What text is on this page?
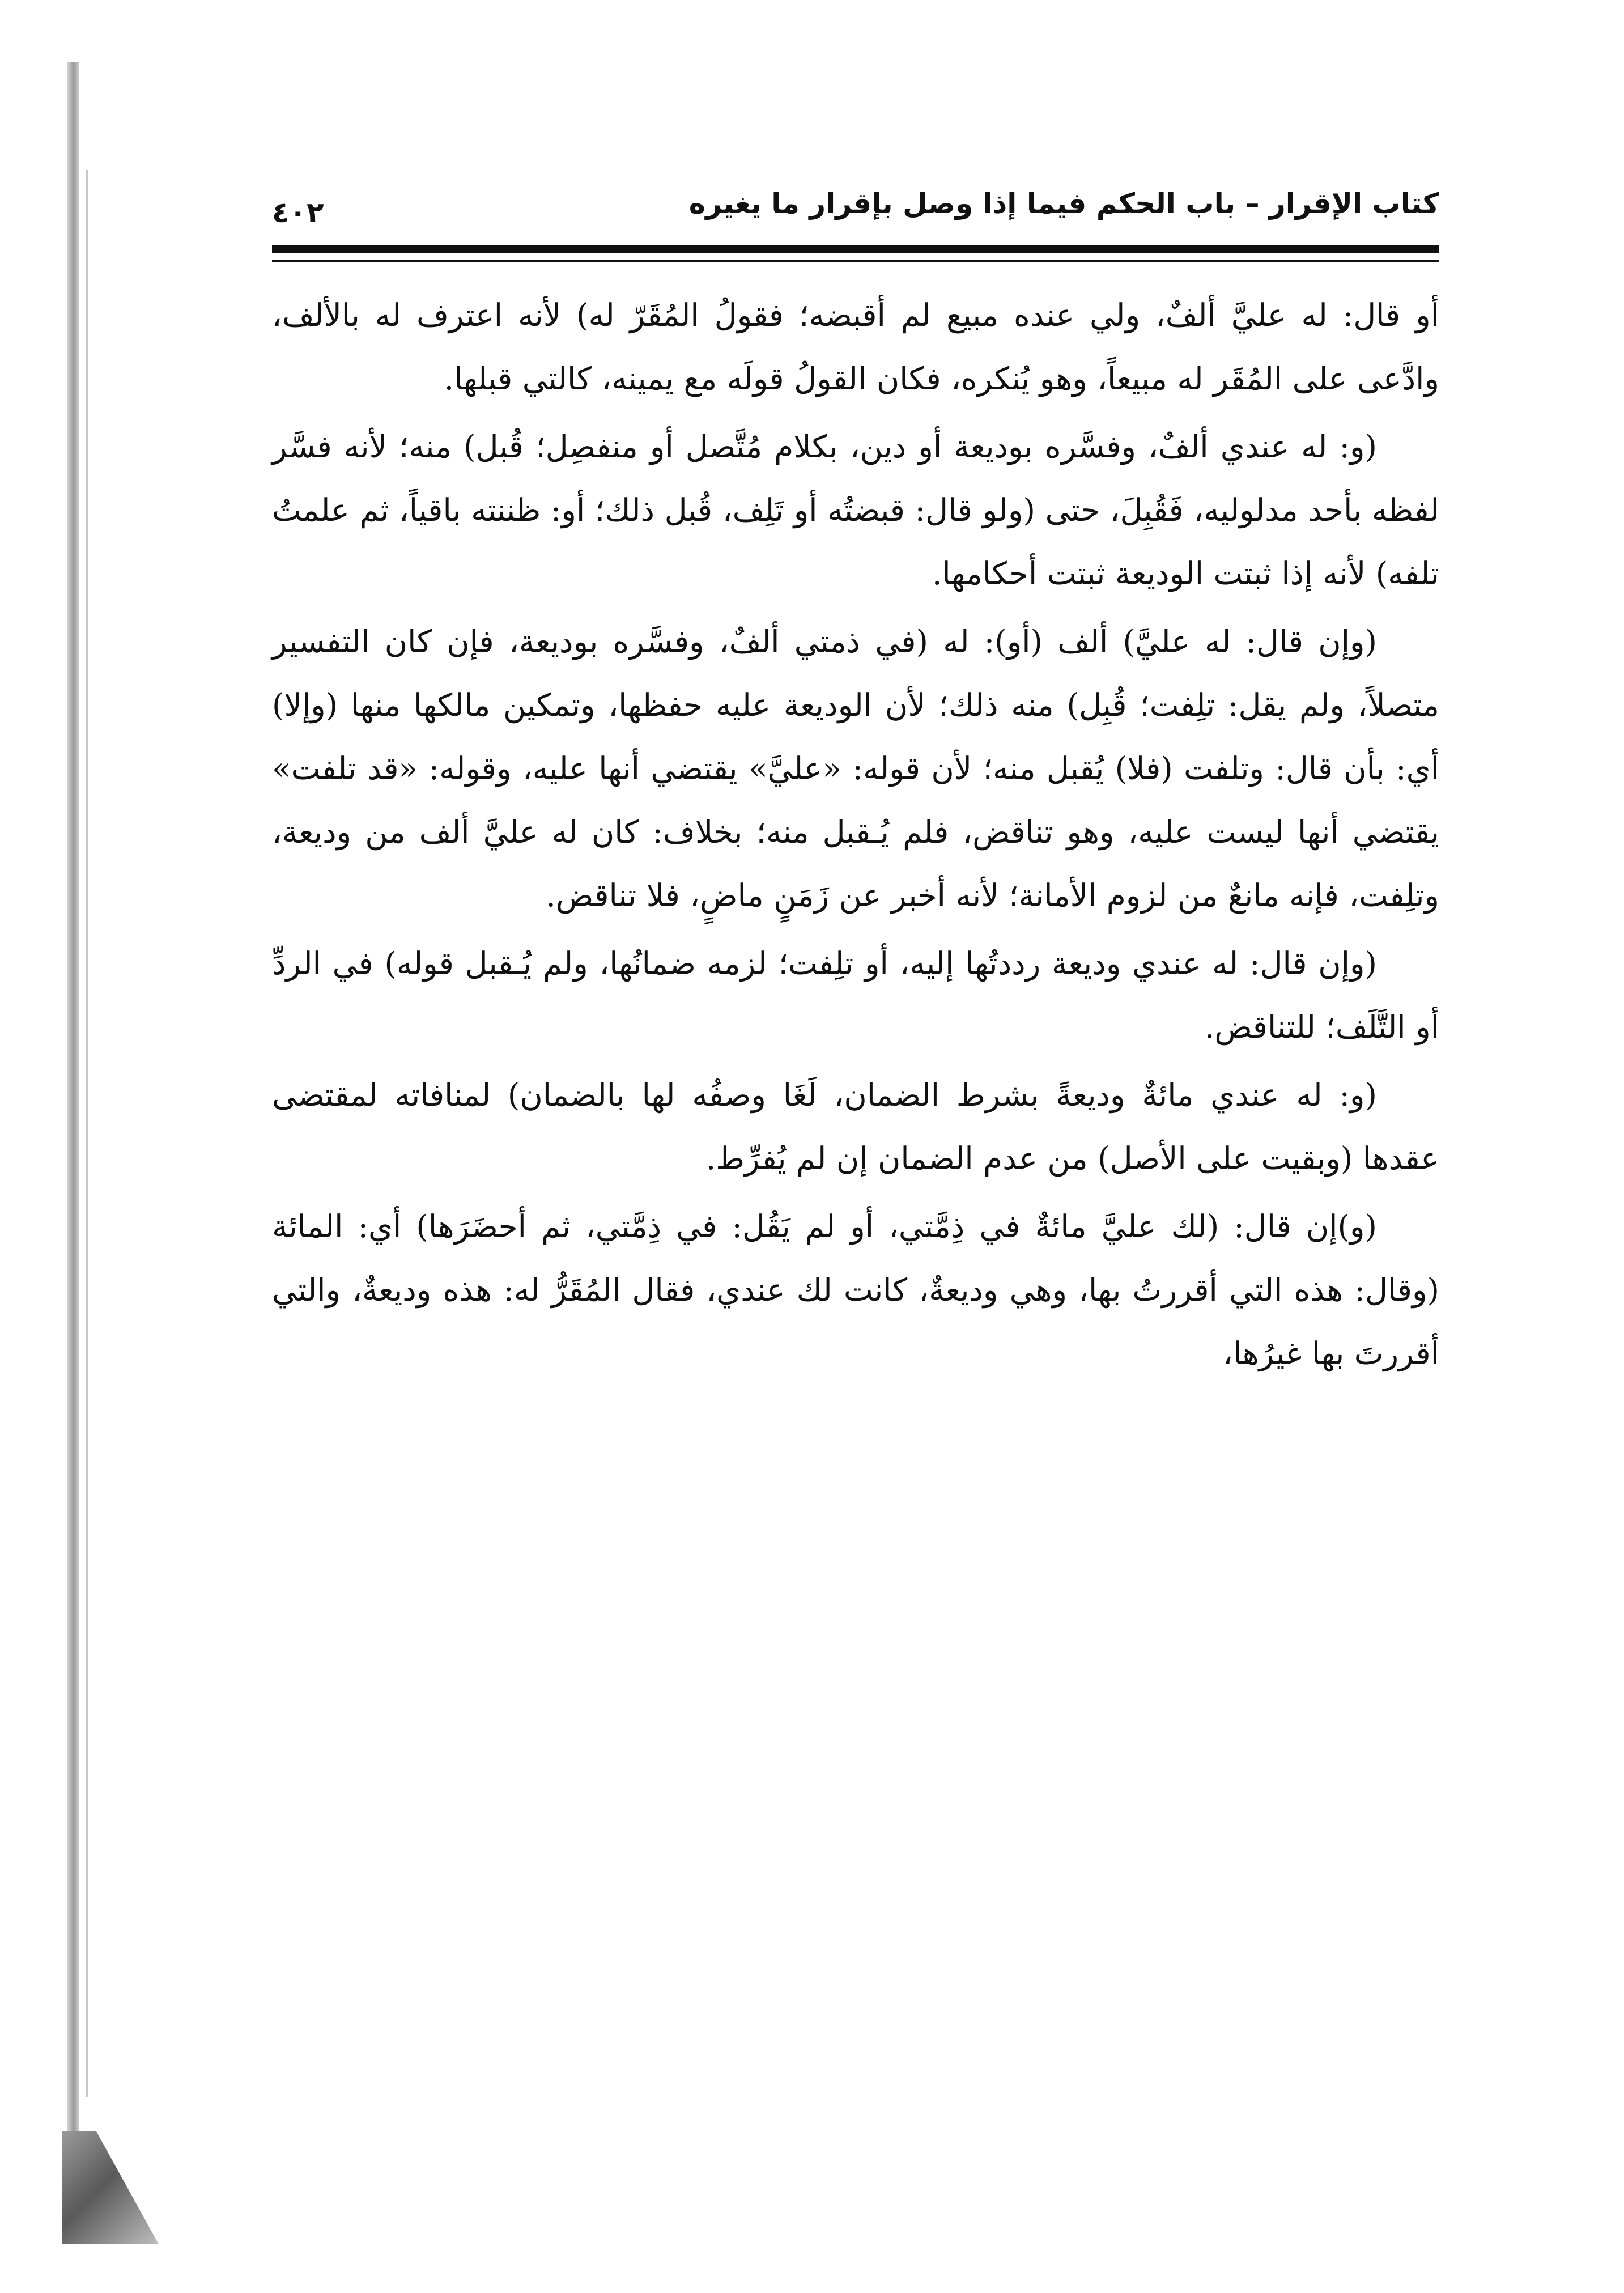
كتاب الإقرار – باب الحكم فيما إذا وصل بإقرار ما يغيره
٤٠٢

أو قال: له عليَّ ألفٌ، ولي عنده مبيع لم أقبضه؛ فقولُ المُقَرّ له) لأنه اعترف له بالألف، وادَّعى على المُقَر له مبيعاً، وهو يُنكره، فكان القولُ قولَه مع يمينه، كالتي قبلها.

(و: له عندي ألفٌ، وفسَّره بوديعة أو دين، بكلام مُتَّصل أو منفصِل؛ قُبل) منه؛ لأنه فسَّر لفظه بأحد مدلوليه، فَقُبِلَ، حتى (ولو قال: قبضتُه أو تَلِف، قُبل ذلك؛ أو: ظننته باقياً، ثم علمتُ تلفه) لأنه إذا ثبتت الوديعة ثبتت أحكامها.

(وإن قال: له عليَّ) ألف (أو): له (في ذمتي ألفٌ، وفسَّره بوديعة، فإن كان التفسير متصلاً، ولم يقل: تلِفت؛ قُبِل) منه ذلك؛ لأن الوديعة عليه حفظها، وتمكين مالكها منها (وإلا) أي: بأن قال: وتلفت (فلا) يُقبل منه؛ لأن قوله: «عليَّ» يقتضي أنها عليه، وقوله: «قد تلفت» يقتضي أنها ليست عليه، وهو تناقض، فلم يُـقبل منه؛ بخلاف: كان له عليَّ ألف من وديعة، وتلِفت، فإنه مانعٌ من لزوم الأمانة؛ لأنه أخبر عن زَمَنٍ ماضٍ، فلا تناقض.

(وإن قال: له عندي وديعة رددتُها إليه، أو تلِفت؛ لزمه ضمانُها، ولم يُـقبل قوله) في الردِّ أو التَّلَف؛ للتناقض.

(و: له عندي مائةٌ وديعةً بشرط الضمان، لَغَا وصفُه لها بالضمان) لمنافاته لمقتضى عقدها (وبقيت على الأصل) من عدم الضمان إن لم يُفرِّط.

(و)إن قال: (لك عليَّ مائةٌ في ذِمَّتي، أو لم يَقُل: في ذِمَّتي، ثم أحضَرَها) أي: المائة (وقال: هذه التي أقررتُ بها، وهي وديعةٌ، كانت لك عندي، فقال المُقَرُّ له: هذه وديعةٌ، والتي أقررتَ بها غيرُها،
